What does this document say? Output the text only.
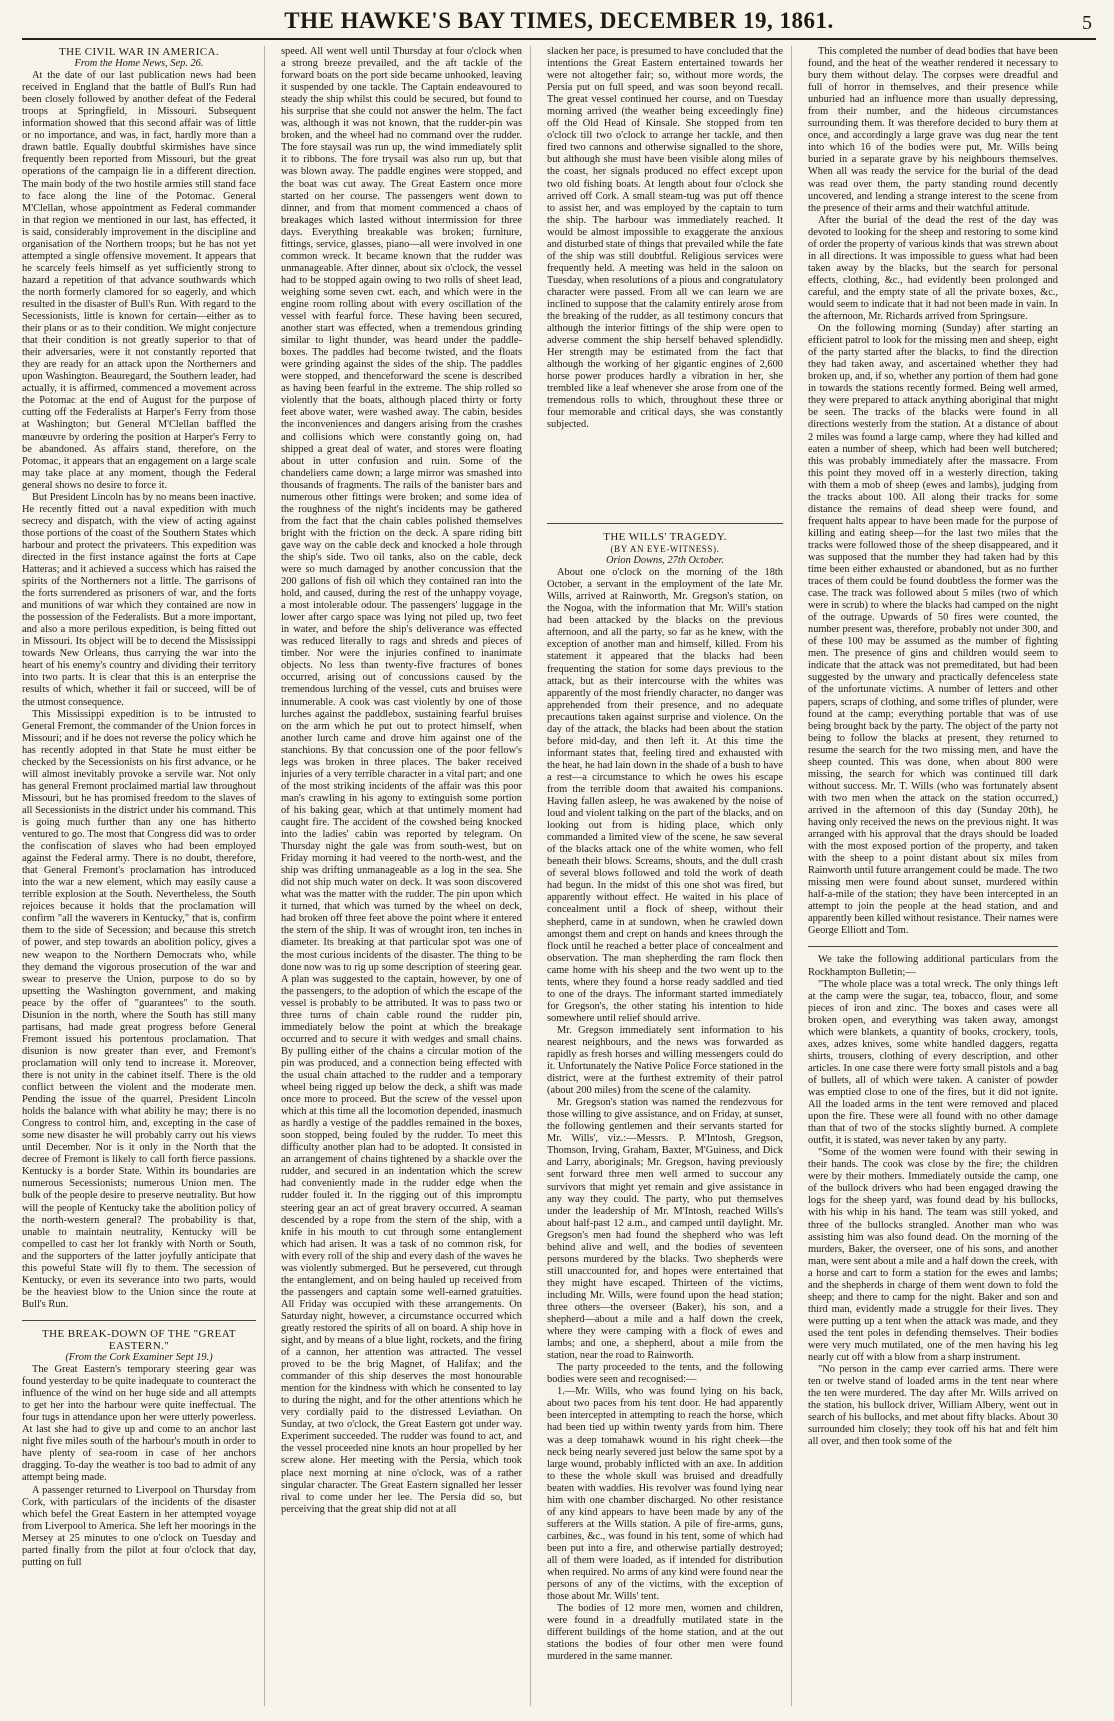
THE HAWKE'S BAY TIMES, DECEMBER 19, 1861.	5

THE CIVIL WAR IN AMERICA.

From the Home News, Sep. 26.

At the date of our last publication news had been received in England that the battle of Bull's Run had been closely followed by another defeat of the Federal troops at Springfield, in Missouri. Subsequent information showed that this second affair was of little or no importance, and was, in fact, hardly more than a drawn battle. Equally doubtful skirmishes have since frequently been reported from Missouri, but the great operations of the campaign lie in a different direction. The main body of the two hostile armies still stand face to face along the line of the Potomac. General M'Clellan, whose appointment as Federal commander in that region we mentioned in our last, has effected, it is said, considerably improvement in the discipline and organisation of the Northern troops; but he has not yet attempted a single offensive movement. It appears that he scarcely feels himself as yet sufficiently strong to hazard a repetition of that advance southwards which the north formerly clamored for so eagerly, and which resulted in the disaster of Bull's Run. With regard to the Secessionists, little is known for certain—either as to their plans or as to their condition. We might conjecture that their condition is not greatly superior to that of their adversaries, were it not constantly reported that they are ready for an attack upon the Northerners and upon Washington. Beauregard, the Southern leader, had actually, it is affirmed, commenced a movement across the Potomac at the end of August for the purpose of cutting off the Federalists at Harper's Ferry from those at Washington; but General M'Clellan baffled the manœuvre by ordering the position at Harper's Ferry to be abandoned. As affairs stand, therefore, on the Potomac, it appears that an engagement on a large scale may take place at any moment, though the Federal general shows no desire to force it.

But President Lincoln has by no means been inactive. He recently fitted out a naval expedition with much secrecy and dispatch, with the view of acting against those portions of the coast of the Southern States which harbour and protect the privateers. This expedition was directed in the first instance against the forts at Cape Hatteras; and it achieved a success which has raised the spirits of the Northerners not a little. The garrisons of the forts surrendered as prisoners of war, and the forts and munitions of war which they contained are now in the possession of the Federalists. But a more important, and also a more perilous expedition, is being fitted out in Missouri. Its object will be to decend the Mississippi towards New Orleans, thus carrying the war into the heart of his enemy's country and dividing their territory into two parts. It is clear that this is an enterprise the results of which, whether it fail or succeed, will be of the utmost consequence.

This Mississippi expedition is to be intrusted to General Fremont, the commander of the Union forces in Missouri; and if he does not reverse the policy which he has recently adopted in that State he must either be checked by the Secessionists on his first advance, or he will almost inevitably provoke a servile war. Not only has general Fremont proclaimed martial law throughout Missouri, but he has promised freedom to the slaves of all Secessionists in the district under his command. This is going much further than any one has hitherto ventured to go. The most that Congress did was to order the confiscation of slaves who had been employed against the Federal army. There is no doubt, therefore, that General Fremont's proclamation has introduced into the war a new element, which may easily cause a terrible explosion at the South. Nevertheless, the South rejoices because it holds that the proclamation will confirm "all the waverers in Kentucky," that is, confirm them to the side of Secession; and because this stretch of power, and step towards an abolition policy, gives a new weapon to the Northern Democrats who, while they demand the vigorous prosecution of the war and swear to preserve the Union, purpose to do so by upsetting the Washington government, and making peace by the offer of "guarantees" to the south. Disunion in the north, where the South has still many partisans, had made great progress before General Fremont issued his portentous proclamation. That disunion is now greater than ever, and Fremont's proclamation will only tend to increase it. Moreover, there is not unity in the cabinet itself. There is the old conflict between the violent and the moderate men. Pending the issue of the quarrel, President Lincoln holds the balance with what ability he may; there is no Congress to control him, and, excepting in the case of some new disaster he will probably carry out his views until December. Nor is it only in the North that the decree of Fremont is likely to call forth fierce passions. Kentucky is a border State. Within its boundaries are numerous Secessionists; numerous Union men. The bulk of the people desire to preserve neutrality. But how will the people of Kentucky take the abolition policy of the north-western general? The probability is that, unable to maintain neutrality, Kentucky will be compelled to cast her lot frankly with North or South, and the supporters of the latter joyfully anticipate that this poweful State will fly to them. The secession of Kentucky, or even its severance into two parts, would be the heaviest blow to the Union since the route at Bull's Run.

THE BREAK-DOWN OF THE "GREAT EASTERN."

(From the Cork Examiner Sept 19.)

The Great Eastern's temporary steering gear was found yesterday to be quite inadequate to counteract the influence of the wind on her huge side and all attempts to get her into the harbour were quite ineffectual. The four tugs in attendance upon her were utterly powerless. At last she had to give up and come to an anchor last night five miles south of the harbour's mouth in order to have plenty of sea-room in case of her anchors dragging. To-day the weather is too bad to admit of any attempt being made.

A passenger returned to Liverpool on Thursday from Cork, with particulars of the incidents of the disaster which befel the Great Eastern in her attempted voyage from Liverpool to America. She left her moorings in the Mersey at 25 minutes to one o'clock on Tuesday and parted finally from the pilot at four o'clock that day, putting on full

speed. All went well until Thursday at four o'clock when a strong breeze prevailed, and the aft tackle of the forward boats on the port side became unhooked, leaving it suspended by one tackle. The Captain endeavoured to steady the ship whilst this could be secured, but found to his surprise that she could not answer the helm. The fact was, although it was not known, that the rudder-pin was broken, and the wheel had no command over the rudder. The fore staysail was run up, the wind immediately split it to ribbons. The fore trysail was also run up, but that was blown away. The paddle engines were stopped, and the boat was cut away. The Great Eastern once more started on her course. The passengers went down to dinner, and from that moment commenced a chaos of breakages which lasted without intermission for three days. Everything breakable was broken; furniture, fittings, service, glasses, piano—all were involved in one common wreck. It became known that the rudder was unmanageable. After dinner, about six o'clock, the vessel had to be stopped again owing to two rolls of sheet lead, weighing some seven cwt. each, and which were in the engine room rolling about with every oscillation of the vessel with fearful force. These having been secured, another start was effected, when a tremendous grinding similar to light thunder, was heard under the paddle-boxes. The paddles had become twisted, and the floats were grinding against the sides of the ship. The paddles were stopped, and thenceforward the scene is described as having been fearful in the extreme. The ship rolled so violently that the boats, although placed thirty or forty feet above water, were washed away. The cabin, besides the inconveniences and dangers arising from the crashes and collisions which were constantly going on, had shipped a great deal of water, and stores were floating about in utter confusion and ruin. Some of the chandeliers came down; a large mirror was smashed into thousands of fragments. The rails of the banister bars and numerous other fittings were broken; and some idea of the roughness of the night's incidents may be gathered from the fact that the chain cables polished themselves bright with the friction on the deck. A spare riding bitt gave way on the cable deck and knocked a hole through the ship's side. Two oil tanks, also on the cable, deck were so much damaged by another concussion that the 200 gallons of fish oil which they contained ran into the hold, and caused, during the rest of the unhappy voyage, a most intolerable odour. The passengers' luggage in the lower after cargo space was lying not piled up, two feet in water, and before the ship's deliverance was effected was reduced literally to rags and shreds and pieces of timber. Nor were the injuries confined to inanimate objects. No less than twenty-five fractures of bones occurred, arising out of concussions caused by the tremendous lurching of the vessel, cuts and bruises were innumerable. A cook was cast violently by one of those lurches against the paddlebox, sustaining fearful bruises on the arm which he put out to protect himself, when another lurch came and drove him against one of the stanchions. By that concussion one of the poor fellow's legs was broken in three places. The baker received injuries of a very terrible character in a vital part; and one of the most striking incidents of the affair was this poor man's crawling in his agony to extinguish some portion of his baking gear, which at that untimely moment had caught fire. The accident of the cowshed being knocked into the ladies' cabin was reported by telegram. On Thursday night the gale was from south-west, but on Friday morning it had veered to the north-west, and the ship was drifting unmanageable as a log in the sea. She did not ship much water on deck. It was soon discovered what was the matter with the rudder. The pin upon which it turned, that which was turned by the wheel on deck, had broken off three feet above the point where it entered the stern of the ship. It was of wrought iron, ten inches in diameter. Its breaking at that particular spot was one of the most curious incidents of the disaster. The thing to be done now was to rig up some description of steering gear. A plan was suggested to the captain, however, by one of the passengers, to the adoption of which the escape of the vessel is probably to be attributed. It was to pass two or three turns of chain cable round the rudder pin, immediately below the point at which the breakage occurred and to secure it with wedges and small chains. By pulling either of the chains a circular motion of the pin was produced, and a connection being effected with the usual chain attached to the rudder and a temporary wheel being rigged up below the deck, a shift was made once more to proceed. But the screw of the vessel upon which at this time all the locomotion depended, inasmuch as hardly a vestige of the paddles remained in the boxes, soon stopped, being fouled by the rudder. To meet this difficulty another plan had to be adopted. It consisted in an arrangement of chains tightened by a shackle over the rudder, and secured in an indentation which the screw had conveniently made in the rudder edge when the rudder fouled it. In the rigging out of this impromptu steering gear an act of great bravery occurred. A seaman descended by a rope from the stern of the ship, with a knife in his mouth to cut through some entanglement which had arisen. It was a task of no common risk, for with every roll of the ship and every dash of the waves he was violently submerged. But he persevered, cut through the entanglement, and on being hauled up received from the passengers and captain some well-earned gratuities. All Friday was occupied with these arrangements. On Saturday night, however, a circumstance occurred which greatly restored the spirits of all on board. A ship hove in sight, and by means of a blue light, rockets, and the firing of a cannon, her attention was attracted. The vessel proved to be the brig Magnet, of Halifax; and the commander of this ship deserves the most honourable mention for the kindness with which he consented to lay to during the night, and for the other attentions which he very cordially paid to the distressed Leviathan. On Sunday, at two o'clock, the Great Eastern got under way. Experiment succeeded. The rudder was found to act, and the vessel proceeded nine knots an hour propelled by her screw alone. Her meeting with the Persia, which took place next morning at nine o'clock, was of a rather singular character. The Great Eastern signalled her lesser rival to come under her lee. The Persia did so, but perceiving that the great ship did not at all

slacken her pace, is presumed to have concluded that the intentions the Great Eastern entertained towards her were not altogether fair; so, without more words, the Persia put on full speed, and was soon beyond recall. The great vessel continued her course, and on Tuesday morning arrived (the weather being exceedingly fine) off the Old Head of Kinsale. She stopped from ten o'clock till two o'clock to arrange her tackle, and then fired two cannons and otherwise signalled to the shore, but although she must have been visible along miles of the coast, her signals produced no effect except upon two old fishing boats. At length about four o'clock she arrived off Cork. A small steam-tug was put off thence to assist her, and was employed by the captain to turn the ship. The harbour was immediately reached. It would be almost impossible to exaggerate the anxious and disturbed state of things that prevailed while the fate of the ship was still doubtful. Religious services were frequently held. A meeting was held in the saloon on Tuesday, when resolutions of a pious and congratulatory character were passed. From all we can learn we are inclined to suppose that the calamity entirely arose from the breaking of the rudder, as all testimony concurs that although the interior fittings of the ship were open to adverse comment the ship herself behaved splendidly. Her strength may be estimated from the fact that although the working of her gigantic engines of 2,600 horse power produces hardly a vibration in her, she trembled like a leaf whenever she arose from one of the tremendous rolls to which, throughout these three or four memorable and critical days, she was constantly subjected.

THE WILLS' TRAGEDY.

(BY AN EYE-WITNESS).

Orion Downs, 27th October.

About one o'clock on the morning of the 18th October, a servant in the employment of the late Mr. Wills, arrived at Rainworth, Mr. Gregson's station, on the Nogoa, with the information that Mr. Will's station had been attacked by the blacks on the previous afternoon, and all the party, so far as he knew, with the exception of another man and himself, killed. From his statement it appeared that the blacks had been frequenting the station for some days previous to the attack, but as their intercourse with the whites was apparently of the most friendly character, no danger was apprehended from their presence, and no adequate precautions taken against surprise and violence. On the day of the attack, the blacks had been about the station before mid-day, and then left it. At this time the informant states that, feeling tired and exhausted with the heat, he had lain down in the shade of a bush to have a rest—a circumstance to which he owes his escape from the terrible doom that awaited his companions. Having fallen asleep, he was awakened by the noise of loud and violent talking on the part of the blacks, and on looking out from is hiding place, which only commanded a limited view of the scene, he saw several of the blacks attack one of the white women, who fell beneath their blows. Screams, shouts, and the dull crash of several blows followed and told the work of death had begun. In the midst of this one shot was fired, but apparently without effect. He waited in his place of concealment until a flock of sheep, without their shepherd, came in at sundown, when he crawled down amongst them and crept on hands and knees through the flock until he reached a better place of concealment and observation. The man shepherding the ram flock then came home with his sheep and the two went up to the tents, where they found a horse ready saddled and tied to one of the drays. The informant started immediately for Gregson's, the other stating his intention to hide somewhere until relief should arrive.

Mr. Gregson immediately sent information to his nearest neighbours, and the news was forwarded as rapidly as fresh horses and willing messengers could do it. Unfortunately the Native Police Force stationed in the district, were at the furthest extremity of their patrol (about 200 miles) from the scene of the calamity.

Mr. Gregson's station was named the rendezvous for those willing to give assistance, and on Friday, at sunset, the following gentlemen and their servants started for Mr. Wills', viz.:—Messrs. P. M'Intosh, Gregson, Thomson, Irving, Graham, Baxter, M'Guiness, and Dick and Larry, aboriginals; Mr. Gregson, having previously sent forward three men well armed to succour any survivors that might yet remain and give assistance in any way they could. The party, who put themselves under the leadership of Mr. M'Intosh, reached Wills's about half-past 12 a.m., and camped until daylight. Mr. Gregson's men had found the shepherd who was left behind alive and well, and the bodies of seventeen persons murdered by the blacks. Two shepherds were still unaccounted for, and hopes were entertained that they might have escaped. Thirteen of the victims, including Mr. Wills, were found upon the head station; three others—the overseer (Baker), his son, and a shepherd—about a mile and a half down the creek, where they were camping with a flock of ewes and lambs; and one, a shepherd, about a mile from the station, near the road to Rainworth.

The party proceeded to the tents, and the following bodies were seen and recognised:—

1.—Mr. Wills, who was found lying on his back, about two paces from his tent door. He had apparently been intercepted in attempting to reach the horse, which had been tied up within twenty yards from him. There was a deep tomahawk wound in his right cheek—the neck being nearly severed just below the same spot by a large wound, probably inflicted with an axe. In addition to these the whole skull was bruised and dreadfully beaten with waddies. His revolver was found lying near him with one chamber discharged. No other resistance of any kind appears to have been made by any of the sufferers at the Wills station. A pile of fire-arms, guns, carbines, &c., was found in his tent, some of which had been put into a fire, and otherwise partially destroyed; all of them were loaded, as if intended for distribution when required. No arms of any kind were found near the persons of any of the victims, with the exception of those about Mr. Wills' tent.

The bodies of 12 more men, women and children, were found in a dreadfully mutilated state in the different buildings of the home station, and at the out stations the bodies of four other men were found murdered in the same manner.

This completed the number of dead bodies that have been found, and the heat of the weather rendered it necessary to bury them without delay. The corpses were dreadful and full of horror in themselves, and their presence while unburied had an influence more than usually depressing, from their number, and the hideous circumstances surrounding them. It was therefore decided to bury them at once, and accordingly a large grave was dug near the tent into which 16 of the bodies were put, Mr. Wills being buried in a separate grave by his neighbours themselves. When all was ready the service for the burial of the dead was read over them, the party standing round decently uncovered, and lending a strange interest to the scene from the presence of their arms and their watchful attitude.

After the burial of the dead the rest of the day was devoted to looking for the sheep and restoring to some kind of order the property of various kinds that was strewn about in all directions. It was impossible to guess what had been taken away by the blacks, but the search for personal effects, clothing, &c., had evidently been prolonged and careful, and the empty state of all the private boxes, &c., would seem to indicate that it had not been made in vain. In the afternoon, Mr. Richards arrived from Springsure.

On the following morning (Sunday) after starting an efficient patrol to look for the missing men and sheep, eight of the party started after the blacks, to find the direction they had taken away, and ascertained whether they had broken up, and, if so, whether any portion of them had gone in towards the stations recently formed. Being well armed, they were prepared to attack anything aboriginal that might be seen. The tracks of the blacks were found in all directions westerly from the station. At a distance of about 2 miles was found a large camp, where they had killed and eaten a number of sheep, which had been well butchered; this was probably immediately after the massacre. From this point they moved off in a westerly direction, taking with them a mob of sheep (ewes and lambs), judging from the tracks about 100. All along their tracks for some distance the remains of dead sheep were found, and frequent halts appear to have been made for the purpose of killing and eating sheep—for the last two miles that the tracks were followed those of the sheep disappeared, and it was supposed that the number they had taken had by this time been either exhausted or abandoned, but as no further traces of them could be found doubtless the former was the case. The track was followed about 5 miles (two of which were in scrub) to where the blacks had camped on the night of the outrage. Upwards of 50 fires were counted, the number present was, therefore, probably not under 300, and of these 100 may be assumed as the number of fighting men. The presence of gins and children would seem to indicate that the attack was not premeditated, but had been suggested by the unwary and practically defenceless state of the unfortunate victims. A number of letters and other papers, scraps of clothing, and some trifles of plunder, were found at the camp; everything portable that was of use being brought back by the party. The object of the party not being to follow the blacks at present, they returned to resume the search for the two missing men, and have the sheep counted. This was done, when about 800 were missing, the search for which was continued till dark without success. Mr. T. Wills (who was fortunately absent with two men when the attack on the station occurred,) arrived in the afternoon of this day (Sunday 20th), he having only received the news on the previous night. It was arranged with his approval that the drays should be loaded with the most exposed portion of the property, and taken with the sheep to a point distant about six miles from Rainworth until future arrangement could be made. The two missing men were found about sunset, murdered within half-a-mile of the station; they have been intercepted in an attempt to join the people at the head station, and and apparently been killed without resistance. Their names were George Elliott and Tom.

We take the following additional particulars from the Rockhampton Bulletin;—

"The whole place was a total wreck. The only things left at the camp were the sugar, tea, tobacco, flour, and some pieces of iron and zinc. The boxes and cases were all broken open, and everything was taken away, amongst which were blankets, a quantity of books, crockery, tools, axes, adzes knives, some white handled daggers, regatta shirts, trousers, clothing of every description, and other articles. In one case there were forty small pistols and a bag of bullets, all of which were taken. A canister of powder was emptied close to one of the fires, but it did not ignite. All the loaded arms in the tent were removed and placed upon the fire. These were all found with no other damage than that of two of the stocks slightly burned. A complete outfit, it is stated, was never taken by any party.

"Some of the women were found with their sewing in their hands. The cook was close by the fire; the children were by their mothers. Immediately outside the camp, one of the bullock drivers who had been engaged drawing the logs for the sheep yard, was found dead by his bullocks, with his whip in his hand. The team was still yoked, and three of the bullocks strangled. Another man who was assisting him was also found dead. On the morning of the murders, Baker, the overseer, one of his sons, and another man, were sent about a mile and a half down the creek, with a horse and cart to form a station for the ewes and lambs; and the shepherds in charge of them went down to fold the sheep; and there to camp for the night. Baker and son and third man, evidently made a struggle for their lives. They were putting up a tent when the attack was made, and they used the tent poles in defending themselves. Their bodies were very much mutilated, one of the men having his leg nearly cut off with a blow from a sharp instrument.

"No person in the camp ever carried arms. There were ten or twelve stand of loaded arms in the tent near where the ten were murdered. The day after Mr. Wills arrived on the station, his bullock driver, William Albery, went out in search of his bullocks, and met about fifty blacks. About 30 surrounded him closely; they took off his hat and felt him all over, and then took some of the
